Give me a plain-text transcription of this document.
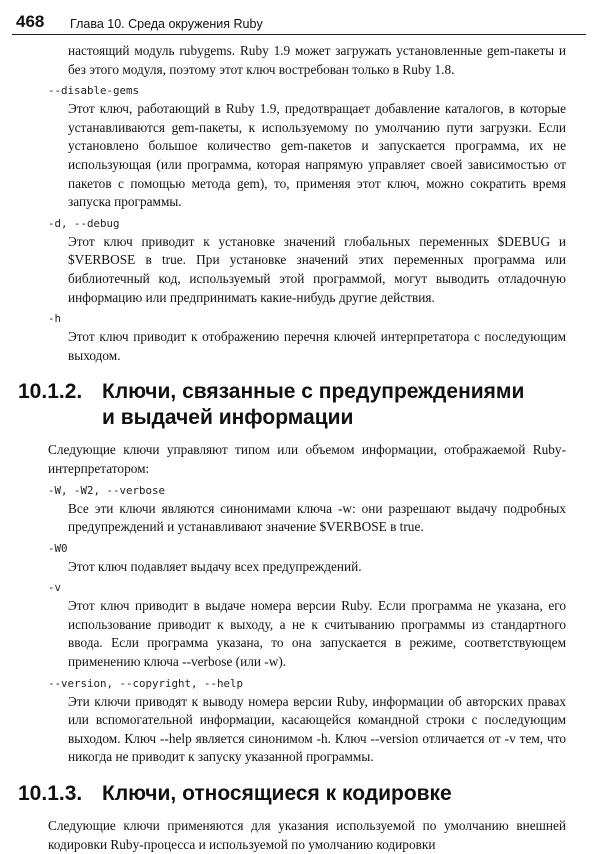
468 Глава 10. Среда окружения Ruby

настоящий модуль rubygems. Ruby 1.9 может загружать установленные gem-пакеты и без этого модуля, поэтому этот ключ востребован только в Ruby 1.8.

--disable-gems

Этот ключ, работающий в Ruby 1.9, предотвращает добавление каталогов, в которые устанавливаются gem-пакеты, к используемому по умолчанию пути загрузки. Если установлено большое количество gem-пакетов и запускается программа, их не использующая (или программа, которая напрямую управляет своей зависимостью от пакетов с помощью метода gem), то, применяя этот ключ, можно сократить время запуска программы.

-d, --debug

Этот ключ приводит к установке значений глобальных переменных $DEBUG и $VERBOSE в true. При установке значений этих переменных программа или библиотечный код, используемый этой программой, могут выводить отладочную информацию или предпринимать какие-нибудь другие действия.

-h

Этот ключ приводит к отображению перечня ключей интерпретатора с последующим выходом.

10.1.2. Ключи, связанные с предупреждениями
и выдачей информации

Следующие ключи управляют типом или объемом информации, отображаемой Ruby-интерпретатором:

-W, -W2, --verbose

Все эти ключи являются синонимами ключа -w: они разрешают выдачу подробных предупреждений и устанавливают значение $VERBOSE в true.

-W0

Этот ключ подавляет выдачу всех предупреждений.

-v

Этот ключ приводит в выдаче номера версии Ruby. Если программа не указана, его использование приводит к выходу, а не к считыванию программы из стандартного ввода. Если программа указана, то она запускается в режиме, соответствующем применению ключа --verbose (или -w).

--version, --copyright, --help

Эти ключи приводят к выводу номера версии Ruby, информации об авторских правах или вспомогательной информации, касающейся командной строки с последующим выходом. Ключ --help является синонимом -h. Ключ --version отличается от -v тем, что никогда не приводит к запуску указанной программы.

10.1.3. Ключи, относящиеся к кодировке

Следующие ключи применяются для указания используемой по умолчанию внешней кодировки Ruby-процесса и используемой по умолчанию кодировки
